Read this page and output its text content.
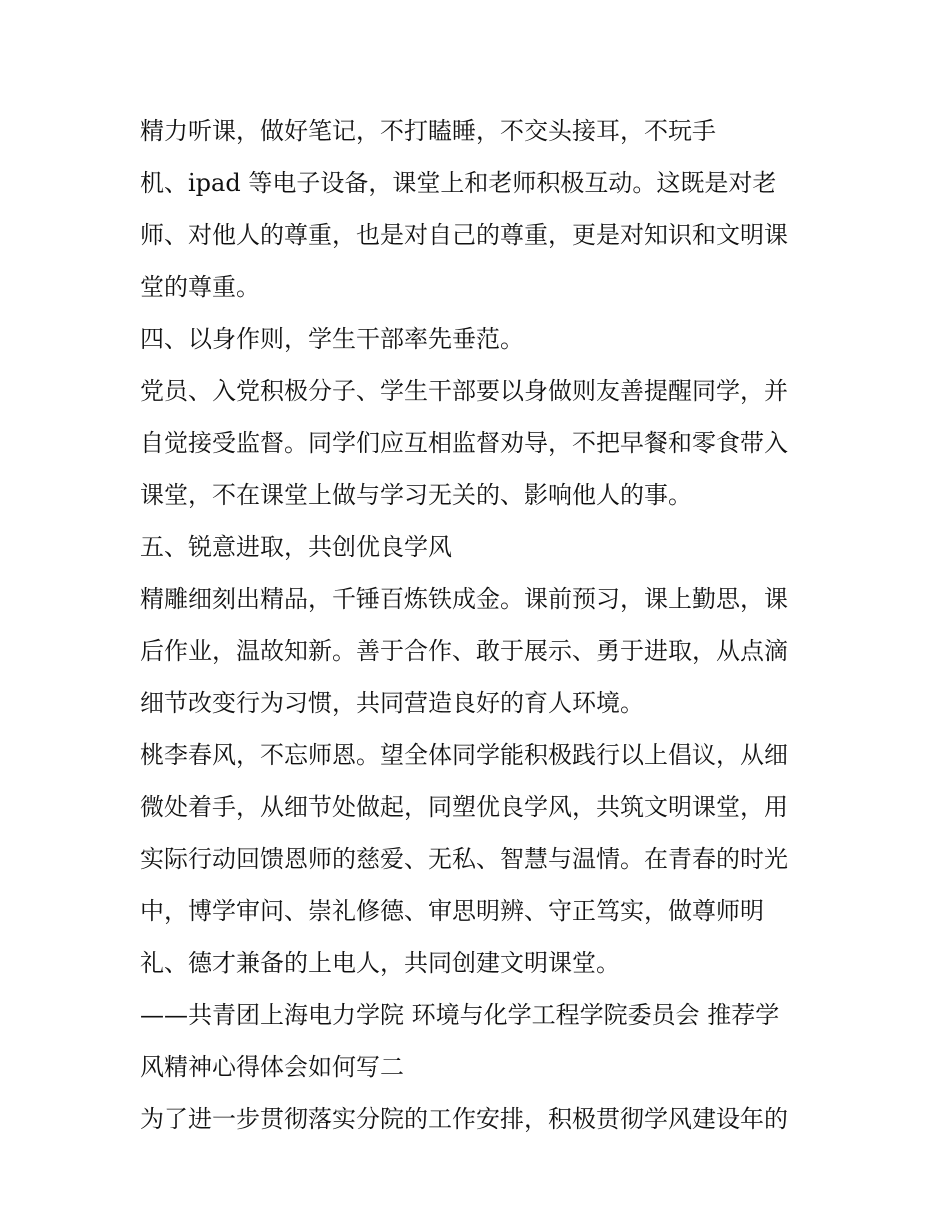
精力听课，做好笔记，不打瞌睡，不交头接耳，不玩手
机、ipad 等电子设备，课堂上和老师积极互动。这既是对老
师、对他人的尊重，也是对自己的尊重，更是对知识和文明课
堂的尊重。
四、以身作则，学生干部率先垂范。
党员、入党积极分子、学生干部要以身做则友善提醒同学，并
自觉接受监督。同学们应互相监督劝导，不把早餐和零食带入
课堂，不在课堂上做与学习无关的、影响他人的事。
五、锐意进取，共创优良学风
精雕细刻出精品，千锤百炼铁成金。课前预习，课上勤思，课
后作业，温故知新。善于合作、敢于展示、勇于进取，从点滴
细节改变行为习惯，共同营造良好的育人环境。
桃李春风，不忘师恩。望全体同学能积极践行以上倡议，从细
微处着手，从细节处做起，同塑优良学风，共筑文明课堂，用
实际行动回馈恩师的慈爱、无私、智慧与温情。在青春的时光
中，博学审问、崇礼修德、审思明辨、守正笃实，做尊师明
礼、德才兼备的上电人，共同创建文明课堂。
——共青团上海电力学院 环境与化学工程学院委员会 推荐学
风精神心得体会如何写二
为了进一步贯彻落实分院的工作安排，积极贯彻学风建设年的
